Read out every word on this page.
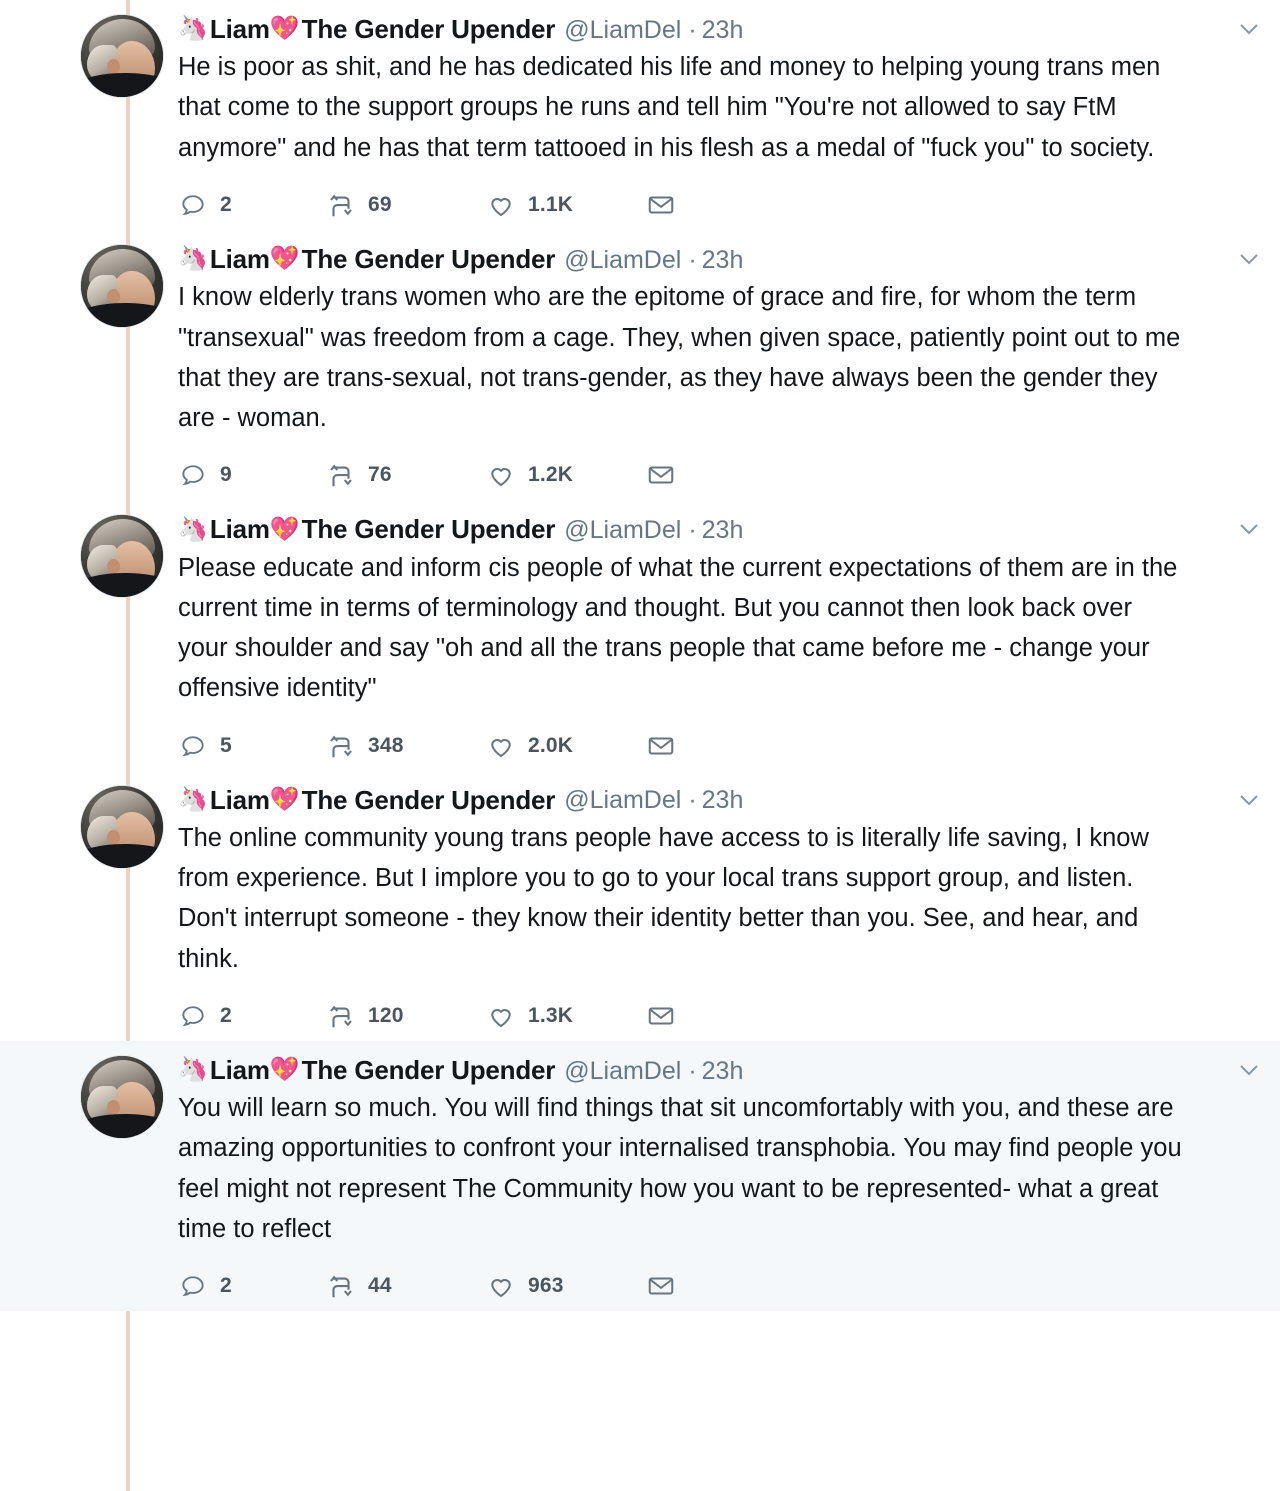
🦄 Liam 💖 The Gender Upender @LiamDel · 23h
He is poor as shit, and he has dedicated his life and money to helping young trans men that come to the support groups he runs and tell him "You're not allowed to say FtM anymore" and he has that term tattooed in his flesh as a medal of "fuck you" to society.
2	69	1.1K
🦄 Liam 💖 The Gender Upender @LiamDel · 23h
I know elderly trans women who are the epitome of grace and fire, for whom the term "transexual" was freedom from a cage. They, when given space, patiently point out to me that they are trans-sexual, not trans-gender, as they have always been the gender they are - woman.
9	76	1.2K
🦄 Liam 💖 The Gender Upender @LiamDel · 23h
Please educate and inform cis people of what the current expectations of them are in the current time in terms of terminology and thought. But you cannot then look back over your shoulder and say "oh and all the trans people that came before me - change your offensive identity"
5	348	2.0K
🦄 Liam 💖 The Gender Upender @LiamDel · 23h
The online community young trans people have access to is literally life saving, I know from experience. But I implore you to go to your local trans support group, and listen. Don't interrupt someone - they know their identity better than you. See, and hear, and think.
2	120	1.3K
🦄 Liam 💖 The Gender Upender @LiamDel · 23h
You will learn so much. You will find things that sit uncomfortably with you, and these are amazing opportunities to confront your internalised transphobia. You may find people you feel might not represent The Community how you want to be represented- what a great time to reflect
2	44	963
